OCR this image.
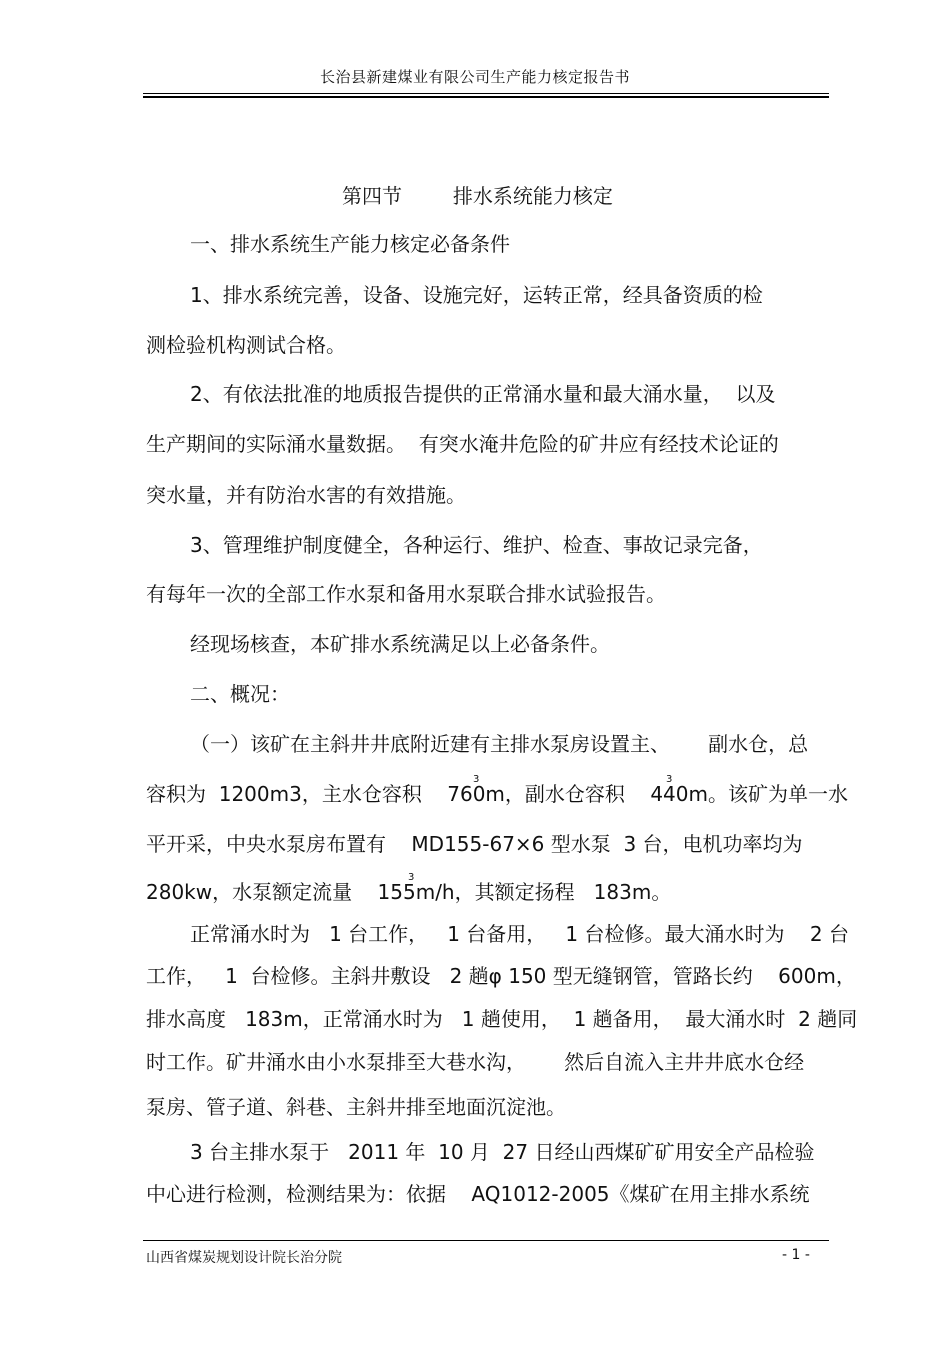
长治县新建煤业有限公司生产能力核定报告书
第四节	排水系统能力核定
一、排水系统生产能力核定必备条件
1、排水系统完善，设备、设施完好，运转正常，经具备资质的检
测检验机构测试合格。
2、有依法批准的地质报告提供的正常涌水量和最大涌水量，  以及
生产期间的实际涌水量数据。  有突水淹井危险的矿井应有经技术论证的
突水量，并有防治水害的有效措施。
3、管理维护制度健全，各种运行、维护、检查、事故记录完备，
有每年一次的全部工作水泵和备用水泵联合排水试验报告。
经现场核查，本矿排水系统满足以上必备条件。
二、概况：
（一）该矿在主斜井井底附近建有主排水泵房设置主、      副水仓，总
容积为  1200m3，主水仓容积    760m，副水仓容积    440m。该矿为单一水
3	3
平开采，中央水泵房布置有    MD155-67×6 型水泵  3 台，电机功率均为
280kw，水泵额定流量    155m/h，其额定扬程   183m。
3
正常涌水时为   1 台工作，   1 台备用，   1 台检修。最大涌水时为    2 台
工作，   1  台检修。主斜井敷设   2 趟φ 150 型无缝钢管，管路长约    600m，
排水高度   183m，正常涌水时为   1 趟使用，  1 趟备用，  最大涌水时  2 趟同
时工作。矿井涌水由小水泵排至大巷水沟，      然后自流入主井井底水仓经
泵房、管子道、斜巷、主斜井排至地面沉淀池。
3 台主排水泵于   2011 年  10 月  27 日经山西煤矿矿用安全产品检验
中心进行检测，检测结果为：依据    AQ1012-2005《煤矿在用主排水系统
山西省煤炭规划设计院长治分院	- 1 -
